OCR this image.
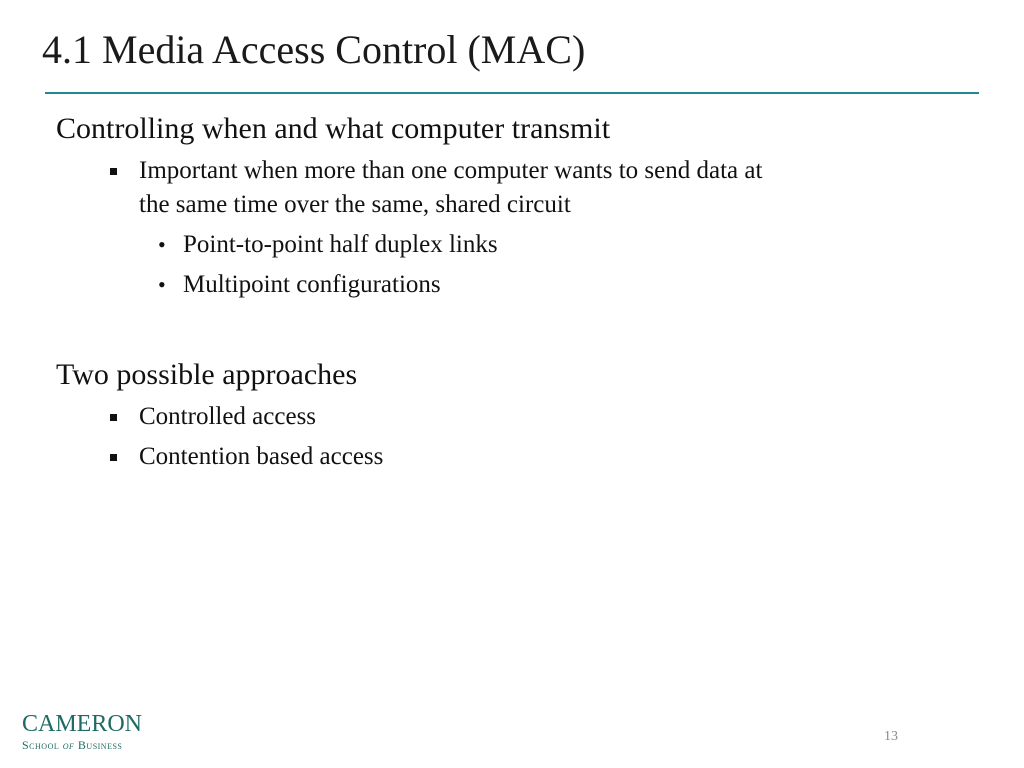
4.1 Media Access Control (MAC)

Controlling when and what computer transmit

Important when more than one computer wants to send data at
the same time over the same, shared circuit
• Point-to-point half duplex links
• Multipoint configurations

Two possible approaches

Controlled access
Contention based access
CAMERON
School of Business
13
